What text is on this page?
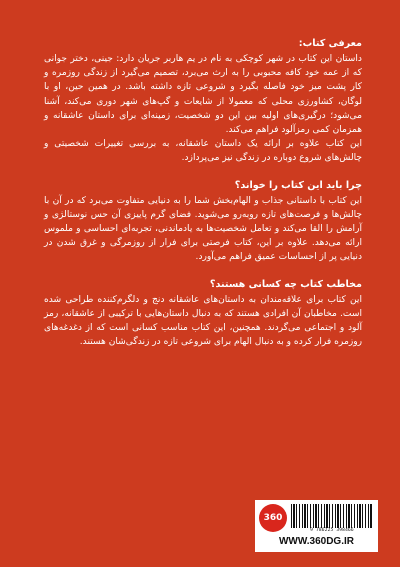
معرفی کتاب:

داستان این کتاب در شهر کوچکی به نام در یم هاربر جریان دارد: جینی، دختر جوانی که از عمه خود کافه محبوبی را به ارث می‌برد، تصمیم می‌گیرد از زندگی روزمره و کار پشت میز خود فاصله بگیرد و شروعی تازه داشته باشد. در همین حین، او با لوگان، کشاورزی محلی که معمولا از شایعات و گپ‌های شهر دوری می‌کند، آشنا می‌شود؛ درگیری‌های اولیه بین این دو شخصیت، زمینه‌ای برای داستان عاشقانه و همزمان کمی رمزآلود فراهم می‌کند.

این کتاب علاوه بر ارائه یک داستان عاشقانه، به بررسی تغییرات شخصیتی و چالش‌های شروع دوباره در زندگی نیز می‌پردازد.

چرا باید این کتاب را خواند؟

این کتاب با داستانی جذاب و الهام‌بخش شما را به دنیایی متفاوت می‌برد که در آن با چالش‌ها و فرصت‌های تازه روبه‌رو می‌شوید. فضای گرم پاییزی آن حس نوستالژی و آرامش را القا می‌کند و تعامل شخصیت‌ها به یادماندنی، تجربه‌ای احساسی و ملموس ارائه می‌دهد. علاوه بر این، کتاب فرصتی برای فرار از روزمرگی و غرق شدن در دنیایی پر از احساسات عمیق فراهم می‌آورد.

مخاطب کتاب چه کسانی هستند؟

این کتاب برای علاقه‌مندان به داستان‌های عاشقانه دنج و دلگرم‌کننده طراحی شده است. مخاطبان آن افرادی هستند که به دنبال داستان‌هایی با ترکیبی از عاشقانه، رمز آلود و اجتماعی می‌گردند. همچنین، این کتاب مناسب کسانی است که از دغدغه‌های روزمره فرار کرده و به دنبال الهام برای شروعی تازه در زندگی‌شان هستند.

360
9 786225 398466
WWW.360DG.IR
